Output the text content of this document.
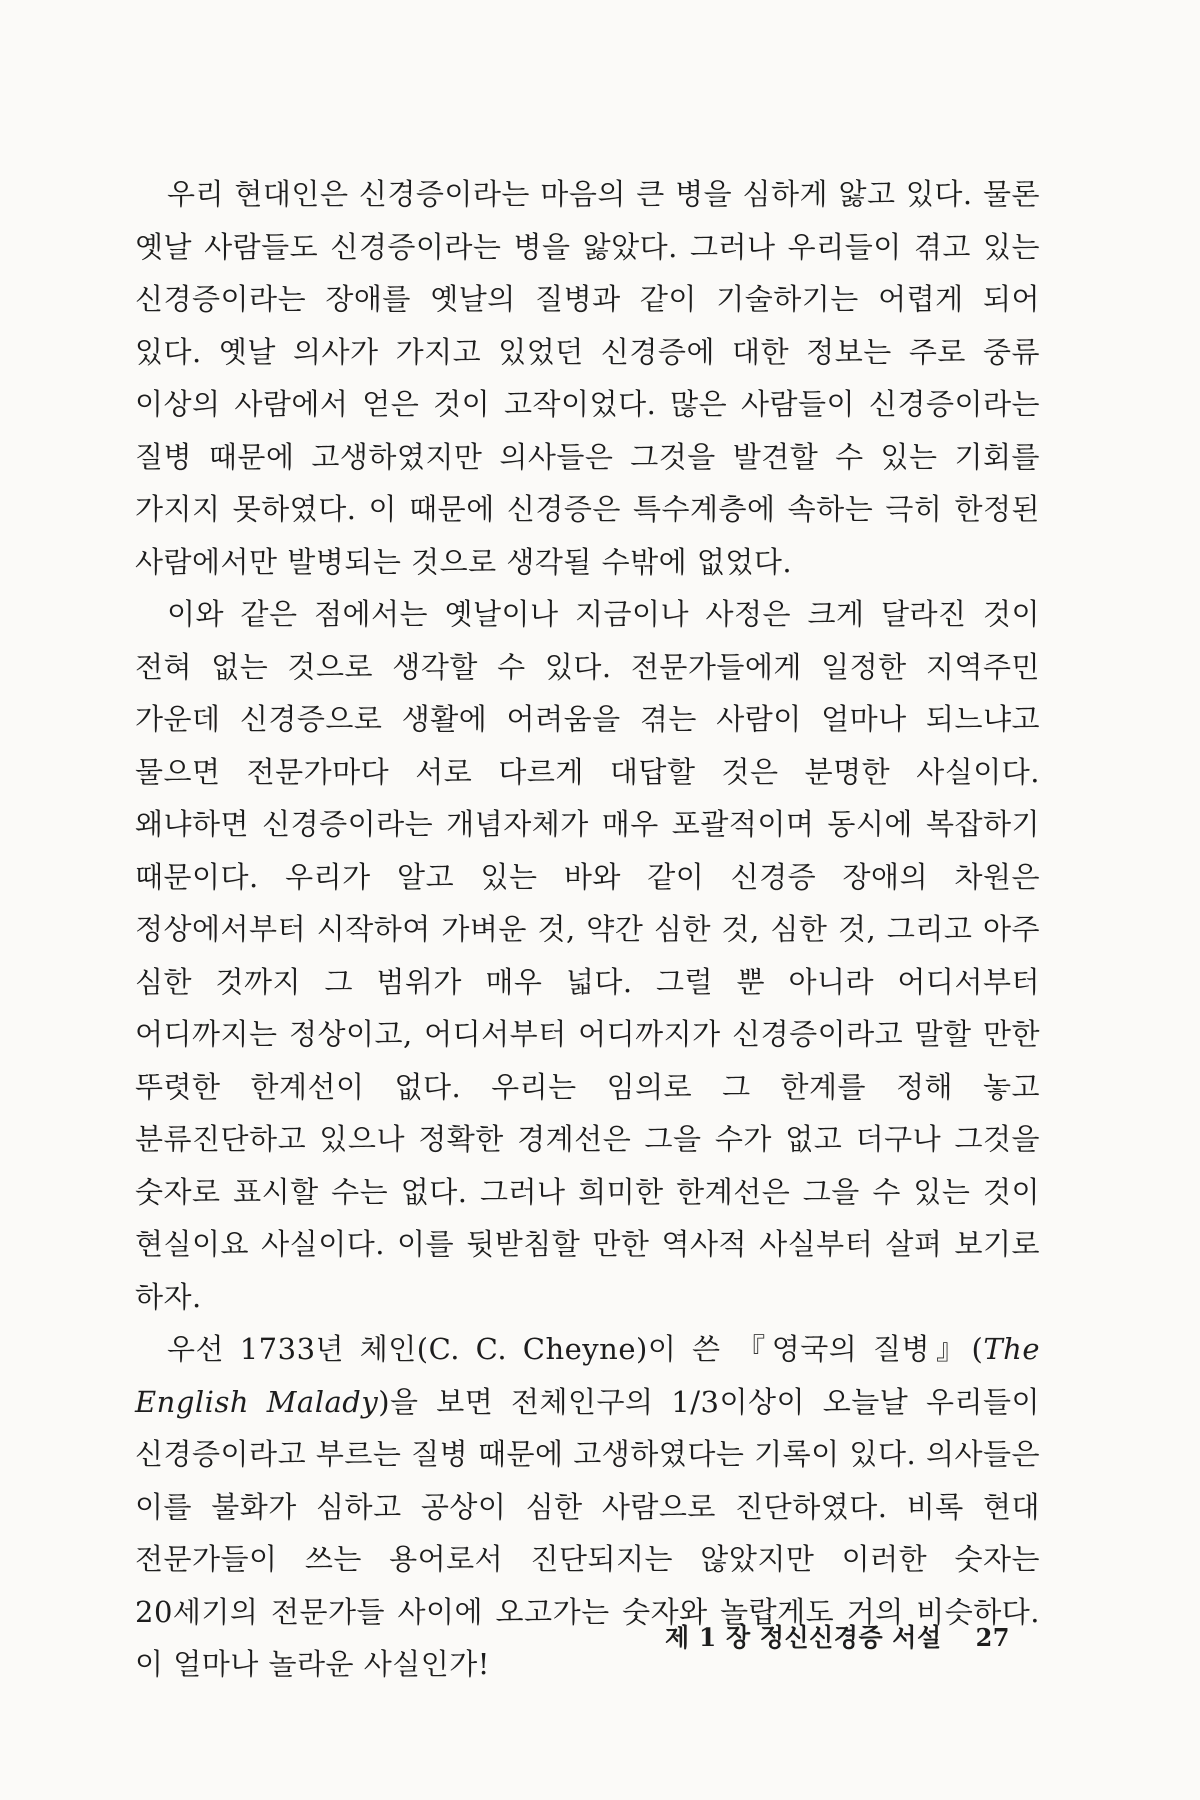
우리 현대인은 신경증이라는 마음의 큰 병을 심하게 앓고 있다. 물론 옛날 사람들도 신경증이라는 병을 앓았다. 그러나 우리들이 겪고 있는 신경증이라는 장애를 옛날의 질병과 같이 기술하기는 어렵게 되어 있다. 옛날 의사가 가지고 있었던 신경증에 대한 정보는 주로 중류 이상의 사람에서 얻은 것이 고작이었다. 많은 사람들이 신경증이라는 질병 때문에 고생하였지만 의사들은 그것을 발견할 수 있는 기회를 가지지 못하였다. 이 때문에 신경증은 특수계층에 속하는 극히 한정된 사람에서만 발병되는 것으로 생각될 수밖에 없었다.

이와 같은 점에서는 옛날이나 지금이나 사정은 크게 달라진 것이 전혀 없는 것으로 생각할 수 있다. 전문가들에게 일정한 지역주민 가운데 신경증으로 생활에 어려움을 겪는 사람이 얼마나 되느냐고 물으면 전문가마다 서로 다르게 대답할 것은 분명한 사실이다. 왜냐하면 신경증이라는 개념자체가 매우 포괄적이며 동시에 복잡하기 때문이다. 우리가 알고 있는 바와 같이 신경증 장애의 차원은 정상에서부터 시작하여 가벼운 것, 약간 심한 것, 심한 것, 그리고 아주 심한 것까지 그 범위가 매우 넓다. 그럴 뿐 아니라 어디서부터 어디까지는 정상이고, 어디서부터 어디까지가 신경증이라고 말할 만한 뚜렷한 한계선이 없다. 우리는 임의로 그 한계를 정해 놓고 분류진단하고 있으나 정확한 경계선은 그을 수가 없고 더구나 그것을 숫자로 표시할 수는 없다. 그러나 희미한 한계선은 그을 수 있는 것이 현실이요 사실이다. 이를 뒷받침할 만한 역사적 사실부터 살펴 보기로 하자.

우선 1733년 체인(C. C. Cheyne)이 쓴 『영국의 질병』(The English Malady)을 보면 전체인구의 1/3이상이 오늘날 우리들이 신경증이라고 부르는 질병 때문에 고생하였다는 기록이 있다. 의사들은 이를 불화가 심하고 공상이 심한 사람으로 진단하였다. 비록 현대 전문가들이 쓰는 용어로서 진단되지는 않았지만 이러한 숫자는 20세기의 전문가들 사이에 오고가는 숫자와 놀랍게도 거의 비슷하다. 이 얼마나 놀라운 사실인가!

제 1 장 정신신경증 서설 27
